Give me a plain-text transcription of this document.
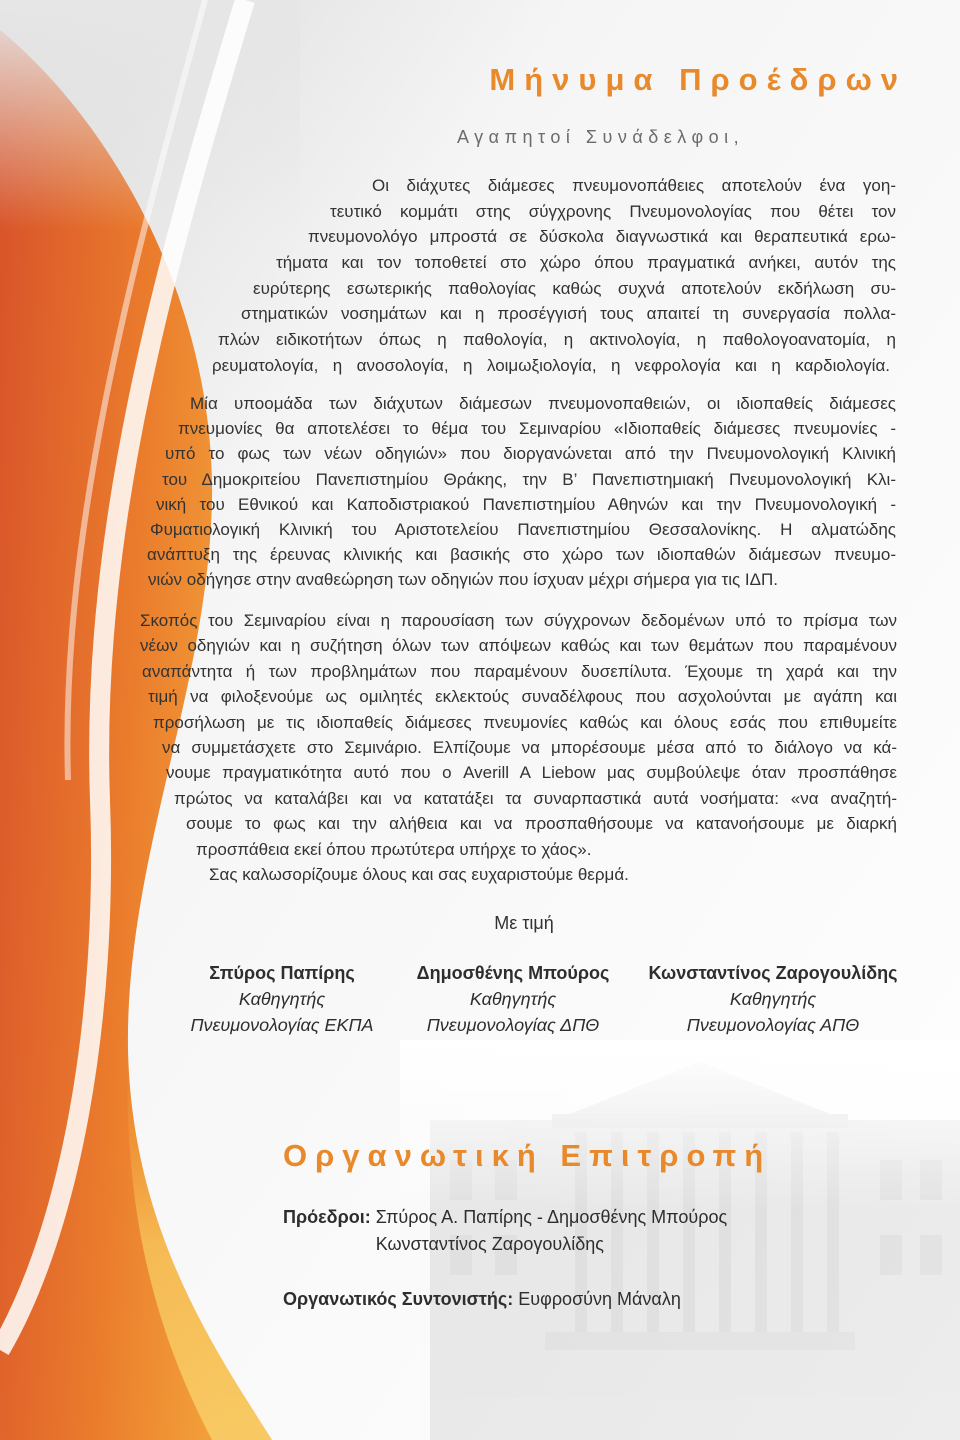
Μήνυμα Προέδρων
Αγαπητοί Συνάδελφοι,
Οι διάχυτες διάμεσες πνευμονοπάθειες αποτελούν ένα γοη-
τευτικό κομμάτι στης σύγχρονης Πνευμονολογίας που θέτει τον
πνευμονολόγο μπροστά σε δύσκολα διαγνωστικά και θεραπευτικά ερω-
τήματα και τον τοποθετεί στο χώρο όπου πραγματικά ανήκει, αυτόν της
ευρύτερης εσωτερικής παθολογίας καθώς συχνά αποτελούν εκδήλωση συ-
στηματικών νοσημάτων και η προσέγγισή τους απαιτεί τη συνεργασία πολλα-
πλών ειδικοτήτων όπως η παθολογία, η ακτινολογία, η παθολογοανατομία, η
ρευματολογία, η ανοσολογία, η λοιμωξιολογία, η νεφρολογία και η καρδιολογία.
Μία υποομάδα των διάχυτων διάμεσων πνευμονοπαθειών, οι ιδιοπαθείς διάμεσες
πνευμονίες θα αποτελέσει το θέμα του Σεμιναρίου «Ιδιοπαθείς διάμεσες πνευμονίες -
υπό το φως των νέων οδηγιών» που διοργανώνεται από την Πνευμονολογική Κλινική
του Δημοκριτείου Πανεπιστημίου Θράκης, την Β’ Πανεπιστημιακή Πνευμονολογική Κλι-
νική του Εθνικού και Καποδιστριακού Πανεπιστημίου Αθηνών και την Πνευμονολογική -
Φυματιολογική Κλινική του Αριστοτελείου Πανεπιστημίου Θεσσαλονίκης. Η αλματώδης
ανάπτυξη της έρευνας κλινικής και βασικής στο χώρο των ιδιοπαθών διάμεσων πνευμο-
νιών οδήγησε στην αναθεώρηση των οδηγιών που ίσχυαν μέχρι σήμερα για τις ΙΔΠ.
Σκοπός του Σεμιναρίου είναι η παρουσίαση των σύγχρονων δεδομένων υπό το πρίσμα των
νέων οδηγιών και η συζήτηση όλων των απόψεων καθώς και των θεμάτων που παραμένουν
αναπάντητα ή των προβλημάτων που παραμένουν δυσεπίλυτα. Έχουμε τη χαρά και την
τιμή να φιλοξενούμε ως ομιλητές εκλεκτούς συναδέλφους που ασχολούνται με αγάπη και
προσήλωση με τις ιδιοπαθείς διάμεσες πνευμονίες καθώς και όλους εσάς που επιθυμείτε
να συμμετάσχετε στο Σεμινάριο. Ελπίζουμε να μπορέσουμε μέσα από το διάλογο να κά-
νουμε πραγματικότητα αυτό που ο Averill A Liebow μας συμβούλεψε όταν προσπάθησε
πρώτος να καταλάβει και να κατατάξει τα συναρπαστικά αυτά νοσήματα: «να αναζητή-
σουμε το φως και την αλήθεια και να προσπαθήσουμε να κατανοήσουμε με διαρκή
προσπάθεια εκεί όπου πρωτύτερα υπήρχε το χάος».
Σας καλωσορίζουμε όλους και σας ευχαριστούμε θερμά.
Με τιμή
Σπύρος Παπίρης
Καθηγητής
Πνευμονολογίας ΕΚΠΑ
Δημοσθένης Μπούρος
Καθηγητής
Πνευμονολογίας ΔΠΘ
Κωνσταντίνος Ζαρογουλίδης
Καθηγητής
Πνευμονολογίας ΑΠΘ
Οργανωτική Επιτροπή
Πρόεδροι: Σπύρος Α. Παπίρης - Δημοσθένης Μπούρος
Κωνσταντίνος Ζαρογουλίδης
Οργανωτικός Συντονιστής: Ευφροσύνη Μάναλη
